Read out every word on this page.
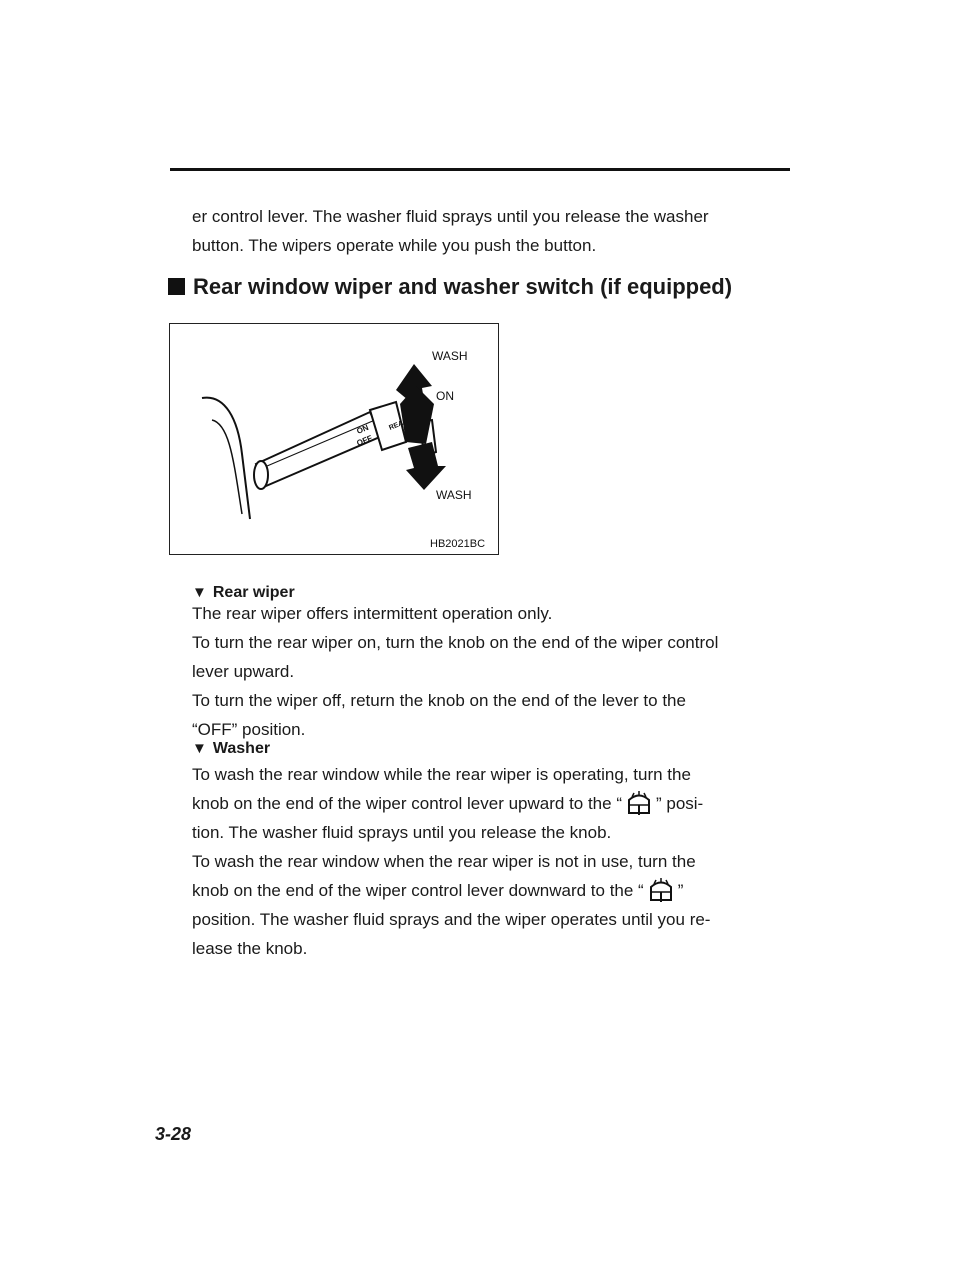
er control lever. The washer fluid sprays until you release the washer

button. The wipers operate while you push the button.

Rear window wiper and washer switch (if equipped)
ON
OFF
REAR
WASH
ON
WASH
HB2021BC
▼ Rear wiper

The rear wiper offers intermittent operation only.

To turn the rear wiper on, turn the knob on the end of the wiper control

lever upward.

To turn the wiper off, return the knob on the end of the lever to the

“OFF” position.

▼ Washer

To wash the rear window while the rear wiper is operating, turn the

knob on the end of the wiper control lever upward to the “ ” posi-

tion. The washer fluid sprays until you release the knob.

To wash the rear window when the rear wiper is not in use, turn the

knob on the end of the wiper control lever downward to the “ ”

position. The washer fluid sprays and the wiper operates until you re-

lease the knob.

3-28
